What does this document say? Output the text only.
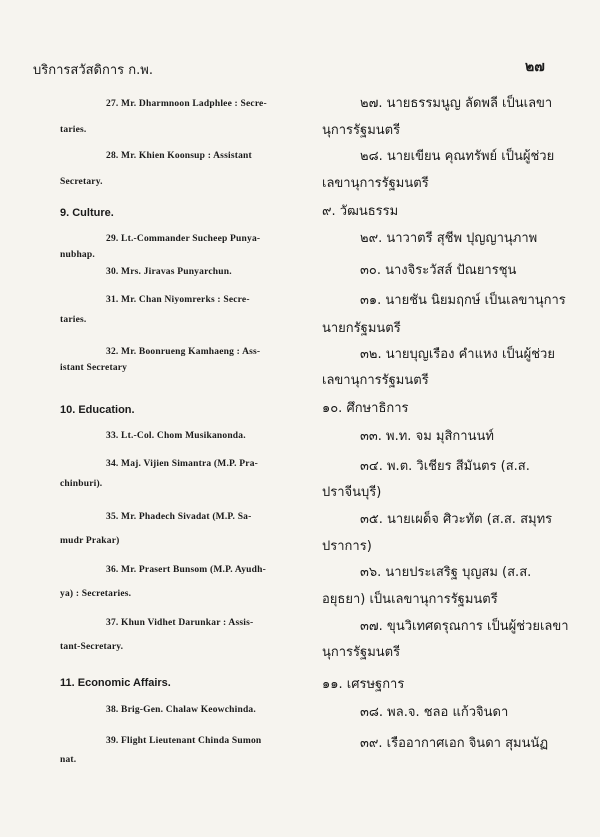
บริการสวัสดิการ ก.พ.	๒๗
27. Mr. Dharmnoon Ladphlee : Secre-
taries.
28. Mr. Khien Koonsup : Assistant
Secretary.
9. Culture.
29. Lt.-Commander Sucheep Punya-
nubhap.
30. Mrs. Jiravas Punyarchun.
31. Mr. Chan Niyomrerks : Secre-
taries.
32. Mr. Boonrueng Kamhaeng : Ass-
istant Secretary
10. Education.
33. Lt.-Col. Chom Musikanonda.
34. Maj. Vijien Simantra (M.P. Pra-
chinburi).
35. Mr. Phadech Sivadat (M.P. Sa-
mudr Prakar)
36. Mr. Prasert Bunsom (M.P. Ayudh-
ya) : Secretaries.
37. Khun Vidhet Darunkar : Assis-
tant-Secretary.
11. Economic Affairs.
38. Brig-Gen. Chalaw Keowchinda.
39. Flight Lieutenant Chinda Sumon
nat.
๒๗. นายธรรมนูญ ลัดพลี เป็นเลขา
นุการรัฐมนตรี
๒๘. นายเขียน คุณทรัพย์ เป็นผู้ช่วย
เลขานุการรัฐมนตรี
๙. วัฒนธรรม
๒๙. นาวาตรี สุชีพ ปุญญานุภาพ
๓๐. นางจิระวัสส์ ปัณยารชุน
๓๑. นายชัน นิยมฤกษ์ เป็นเลขานุการ
นายกรัฐมนตรี
๓๒. นายบุญเรือง คำแหง เป็นผู้ช่วย
เลขานุการรัฐมนตรี
๑๐. ศึกษาธิการ
๓๓. พ.ท. จม มุสิกานนท์
๓๔. พ.ต. วิเชียร สีมันตร (ส.ส.
ปราจีนบุรี)
๓๕. นายเผด็จ ศิวะทัต (ส.ส. สมุทร
ปราการ)
๓๖. นายประเสริฐ บุญสม (ส.ส.
อยุธยา) เป็นเลขานุการรัฐมนตรี
๓๗. ขุนวิเทศดรุณการ เป็นผู้ช่วยเลขา
นุการรัฐมนตรี
๑๑. เศรษฐการ
๓๘. พล.จ. ชลอ แก้วจินดา
๓๙. เรืออากาศเอก จินดา สุมนนัฏ
